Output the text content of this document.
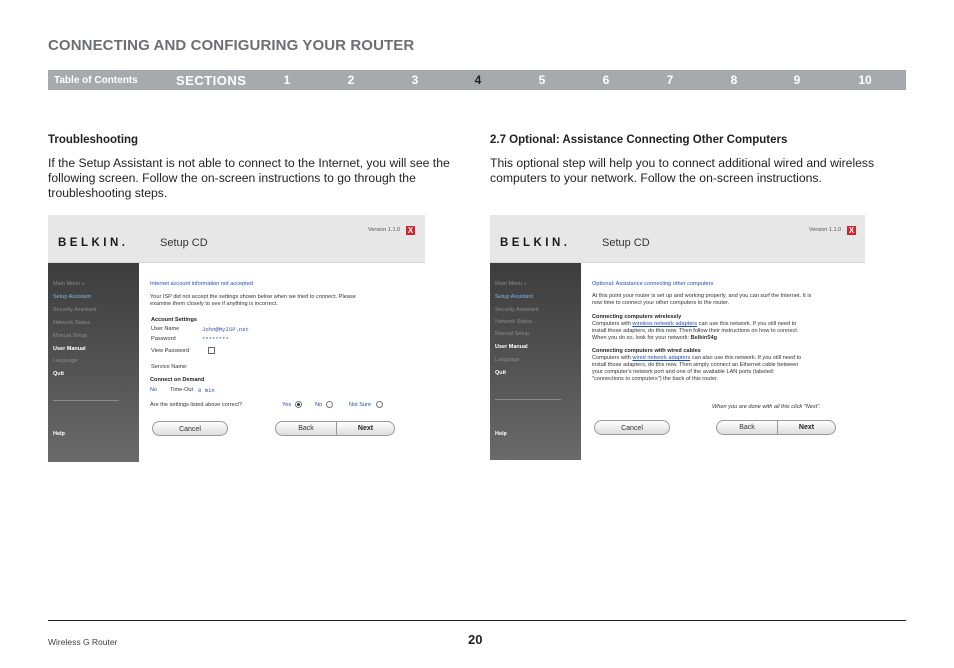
CONNECTING AND CONFIGURING YOUR ROUTER
Table of Contents	SECTIONS	1	2	3	4	5	6	7	8	9	10
Troubleshooting
If the Setup Assistant is not able to connect to the Internet, you will see the following screen. Follow the on-screen instructions to go through the troubleshooting steps.
BELKIN.	Setup CD
Version 1.1.0 X
Main Menu »
Setup Assistant
Security Assistant
Network Status
Manual Setup
User Manual
Language
Quit
Help
Internet account information not accepted
Your ISP did not accept the settings shown below when we tried to connect. Please
examine them closely to see if anything is incorrect.
Account Settings
User Name	John@MyISP.net
Password	********
View Password
Service Name:
Connect on Demand
No Time-Out 0 min
Are the settings listed above correct?	Yes	No	Not Sure
Cancel	Back	Next
2.7 Optional: Assistance Connecting Other Computers
This optional step will help you to connect additional wired and wireless computers to your network. Follow the on-screen instructions.
BELKIN.	Setup CD
Version 1.1.0 X
Main Menu »
Setup Assistant
Security Assistant
Network Status
Manual Setup
User Manual
Language
Quit
Help
Optional: Assistance connecting other computers
At this point your router is set up and working properly, and you can surf the Internet. It is
now time to connect your other computers to the router.
Connecting computers wirelessly
Computers with wireless network adapters can use this network. If you still need to
install those adapters, do this now. Then follow their instructions on how to connect.
When you do so, look for your network: Belkin54g
Connecting computers with wired cables
Computers with wired network adapters can also use this network. If you still need to
install those adapters, do this now. Then simply connect an Ethernet cable between
your computer's network port and one of the available LAN ports (labeled:
"connections to computers") the back of this router.
When you are done with all this click "Next".
Cancel	Back	Next
Wireless G Router	20
